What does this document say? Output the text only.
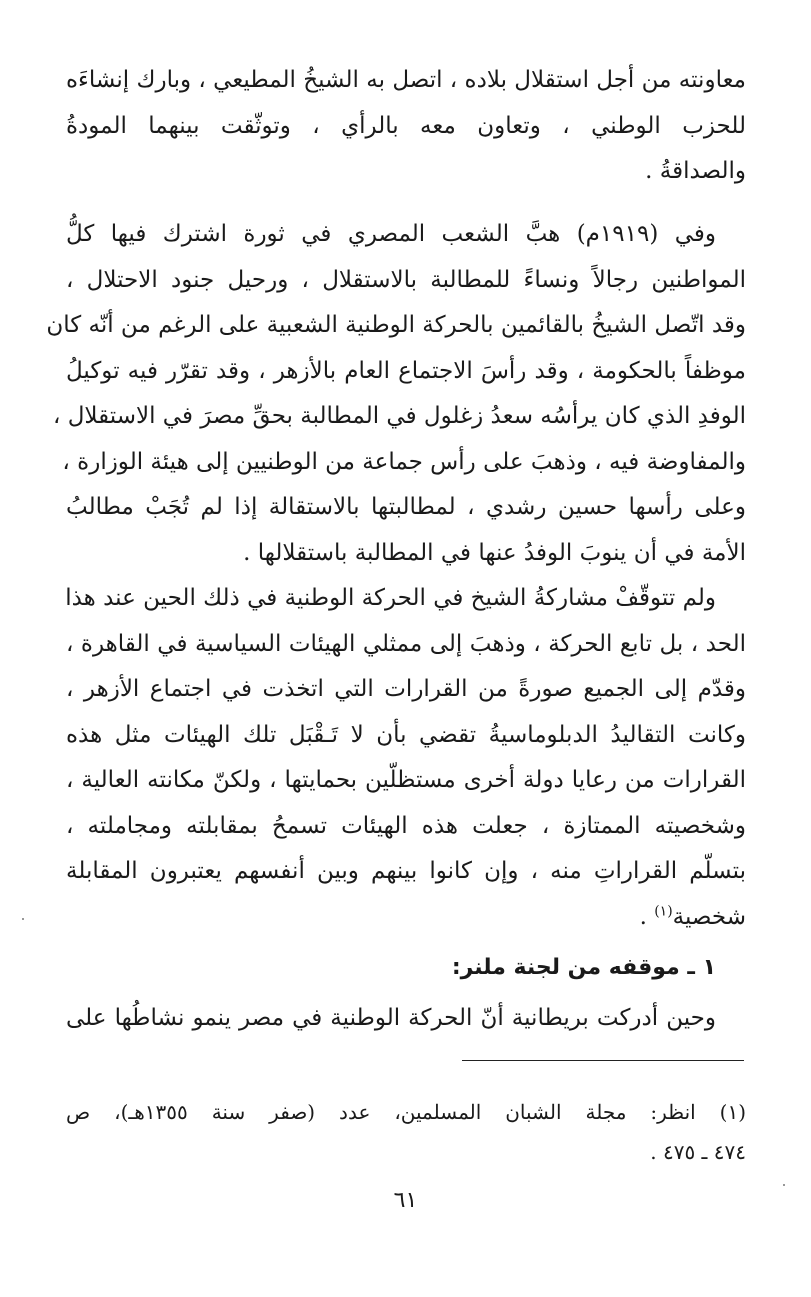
معاونته من أجل استقلال بلاده ، اتصل به الشيخُ المطيعي ، وبارك إنشاءَه
للحزب الوطني ، وتعاون معه بالرأي ، وتوثّقت بينهما المودةُ
والصداقةُ .
وفي (١٩١٩م) هبَّ الشعب المصري في ثورة اشترك فيها كلُّ
المواطنين رجالاً ونساءً للمطالبة بالاستقلال ، ورحيل جنود الاحتلال ،
وقد اتّصل الشيخُ بالقائمين بالحركة الوطنية الشعبية على الرغم من أنّه كان
موظفاً بالحكومة ، وقد رأسَ الاجتماع العام بالأزهر ، وقد تقرّر فيه توكيلُ
الوفدِ الذي كان يرأسُه سعدُ زغلول في المطالبة بحقِّ مصرَ في الاستقلال ،
والمفاوضة فيه ، وذهبَ على رأس جماعة من الوطنيين إلى هيئة الوزارة ،
وعلى رأسها حسين رشدي ، لمطالبتها بالاستقالة إذا لم تُجَبْ مطالبُ
الأمة في أن ينوبَ الوفدُ عنها في المطالبة باستقلالها .
ولم تتوقّفْ مشاركةُ الشيخ في الحركة الوطنية في ذلك الحين عند هذا
الحد ، بل تابع الحركة ، وذهبَ إلى ممثلي الهيئات السياسية في القاهرة ،
وقدّم إلى الجميع صورةً من القرارات التي اتخذت في اجتماع الأزهر ،
وكانت التقاليدُ الدبلوماسيةُ تقضي بأن لا تَـقْبَل تلك الهيئات مثل هذه
القرارات من رعايا دولة أخرى مستظلّين بحمايتها ، ولكنّ مكانته العالية ،
وشخصيته الممتازة ، جعلت هذه الهيئات تسمحُ بمقابلته ومجاملته ،
بتسلّم القراراتِ منه ، وإن كانوا بينهم وبين أنفسهم يعتبرون المقابلة
شخصية$^{(١)}$ .
١ ـ موقفه من لجنة ملنر:
وحين أدركت بريطانية أنّ الحركة الوطنية في مصر ينمو نشاطُها على
(١) انظر: مجلة الشبان المسلمين، عدد (صفر سنة ١٣٥٥هـ)، ص
٤٧٤ ـ ٤٧٥ .
٦١
